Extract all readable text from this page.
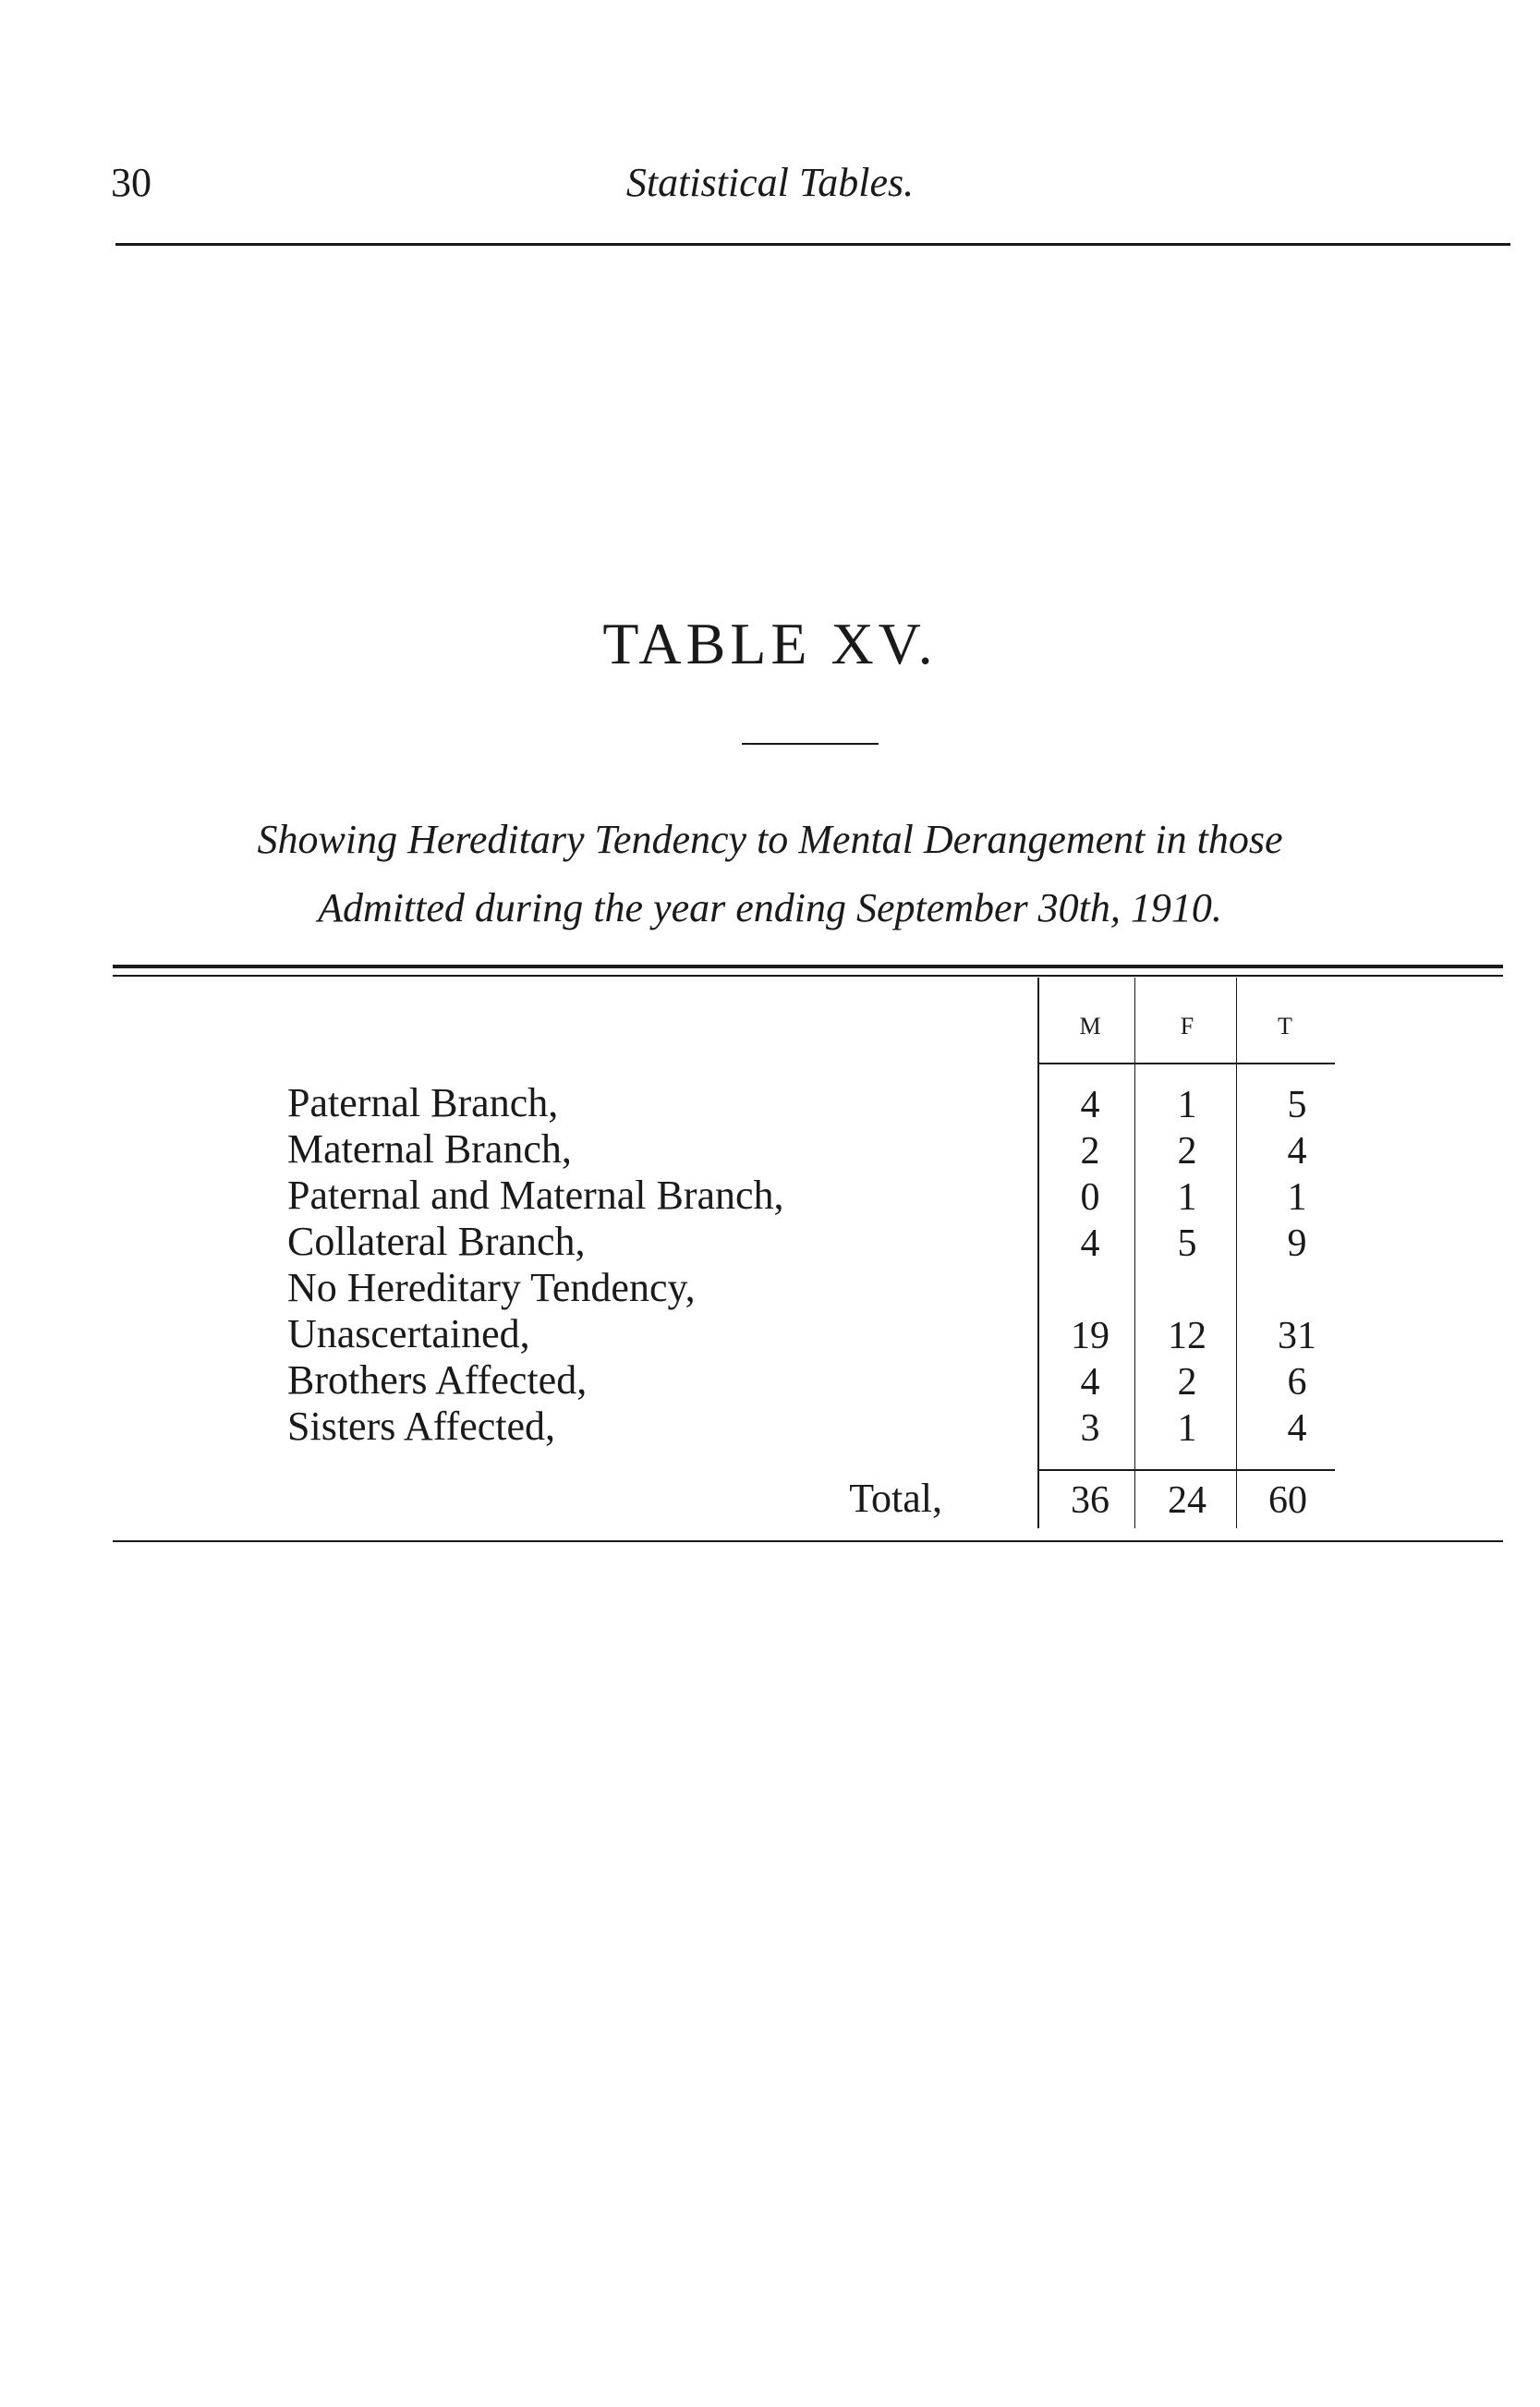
30	Statistical Tables.
TABLE XV.
Showing Hereditary Tendency to Mental Derangement in those
Admitted during the year ending September 30th, 1910.
M	F	T
Paternal Branch,	4	1	5
Maternal Branch,	2	2	4
Paternal and Maternal Branch,	0	1	1
Collateral Branch,	4	5	9
No Hereditary Tendency,
Unascertained,	19	12	31
Brothers Affected,	4	2	6
Sisters Affected,	3	1	4
Total,	36	24	60
